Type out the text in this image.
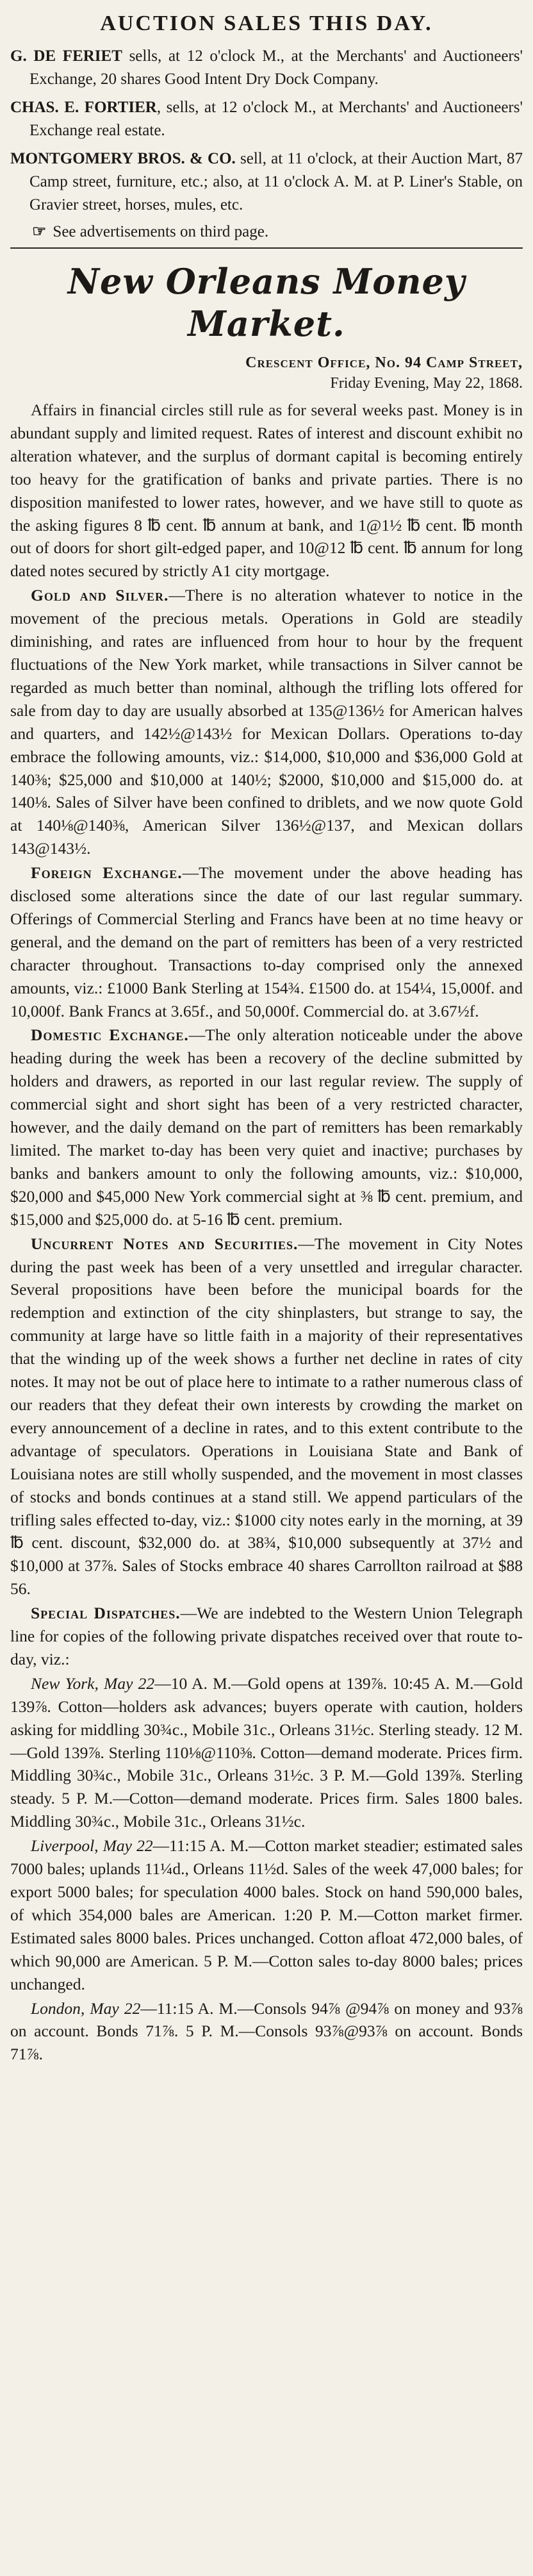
AUCTION SALES THIS DAY.
G. DE FERIET sells, at 12 o'clock M., at the Merchants' and Auctioneers' Exchange, 20 shares Good Intent Dry Dock Company.
CHAS. E. FORTIER, sells, at 12 o'clock M., at Merchants' and Auctioneers' Exchange real estate.
MONTGOMERY BROS. & CO. sell, at 11 o'clock, at their Auction Mart, 87 Camp street, furniture, etc.; also, at 11 o'clock A. M. at P. Liner's Stable, on Gravier street, horses, mules, etc.
☞ See advertisements on third page.
New Orleans Money Market.
Crescent Office, No. 94 Camp Street,
Friday Evening, May 22, 1868.

Affairs in financial circles still rule as for several weeks past. Money is in abundant supply and limited request. Rates of interest and discount exhibit no alteration whatever, and the surplus of dormant capital is becoming entirely too heavy for the gratification of banks and private parties. There is no disposition manifested to lower rates, however, and we have still to quote as the asking figures 8 ℔ cent. ℔ annum at bank, and 1@1½ ℔ cent. ℔ month out of doors for short gilt-edged paper, and 10@12 ℔ cent. ℔ annum for long dated notes secured by strictly A1 city mortgage.

Gold and Silver.—There is no alteration whatever to notice in the movement of the precious metals. Operations in Gold are steadily diminishing, and rates are influenced from hour to hour by the frequent fluctuations of the New York market, while transactions in Silver cannot be regarded as much better than nominal, although the trifling lots offered for sale from day to day are usually absorbed at 135@136½ for American halves and quarters, and 142½@143½ for Mexican Dollars. Operations to-day embrace the following amounts, viz.: $14,000, $10,000 and $36,000 Gold at 140⅜; $25,000 and $10,000 at 140½; $2000, $10,000 and $15,000 do. at 140⅛. Sales of Silver have been confined to driblets, and we now quote Gold at 140⅛@140⅜, American Silver 136½@137, and Mexican dollars 143@143½.

Foreign Exchange.—The movement under the above heading has disclosed some alterations since the date of our last regular summary. Offerings of Commercial Sterling and Francs have been at no time heavy or general, and the demand on the part of remitters has been of a very restricted character throughout. Transactions to-day comprised only the annexed amounts, viz.: £1000 Bank Sterling at 154¾. £1500 do. at 154¼, 15,000f. and 10,000f. Bank Francs at 3.65f., and 50,000f. Commercial do. at 3.67½f.

Domestic Exchange.—The only alteration noticeable under the above heading during the week has been a recovery of the decline submitted by holders and drawers, as reported in our last regular review. The supply of commercial sight and short sight has been of a very restricted character, however, and the daily demand on the part of remitters has been remarkably limited. The market to-day has been very quiet and inactive; purchases by banks and bankers amount to only the following amounts, viz.: $10,000, $20,000 and $45,000 New York commercial sight at ⅜ ℔ cent. premium, and $15,000 and $25,000 do. at 5-16 ℔ cent. premium.

Uncurrent Notes and Securities.—The movement in City Notes during the past week has been of a very unsettled and irregular character. Several propositions have been before the municipal boards for the redemption and extinction of the city shinplasters, but strange to say, the community at large have so little faith in a majority of their representatives that the winding up of the week shows a further net decline in rates of city notes. It may not be out of place here to intimate to a rather numerous class of our readers that they defeat their own interests by crowding the market on every announcement of a decline in rates, and to this extent contribute to the advantage of speculators. Operations in Louisiana State and Bank of Louisiana notes are still wholly suspended, and the movement in most classes of stocks and bonds continues at a stand still. We append particulars of the trifling sales effected to-day, viz.: $1000 city notes early in the morning, at 39 ℔ cent. discount, $32,000 do. at 38¾, $10,000 subsequently at 37½ and $10,000 at 37⅞. Sales of Stocks embrace 40 shares Carrollton railroad at $88 56.

Special Dispatches.—We are indebted to the Western Union Telegraph line for copies of the following private dispatches received over that route to-day, viz.:

New York, May 22—10 A. M.—Gold opens at 139⅞. 10:45 A. M.—Gold 139⅞. Cotton—holders ask advances; buyers operate with caution, holders asking for middling 30¾c., Mobile 31c., Orleans 31½c. Sterling steady. 12 M.—Gold 139⅞. Sterling 110⅛@110⅜. Cotton—demand moderate. Prices firm. Middling 30¾c., Mobile 31c., Orleans 31½c. 3 P. M.—Gold 139⅞. Sterling steady. 5 P. M.—Cotton—demand moderate. Prices firm. Sales 1800 bales. Middling 30¾c., Mobile 31c., Orleans 31½c.

Liverpool, May 22—11:15 A. M.—Cotton market steadier; estimated sales 7000 bales; uplands 11¼d., Orleans 11½d. Sales of the week 47,000 bales; for export 5000 bales; for speculation 4000 bales. Stock on hand 590,000 bales, of which 354,000 bales are American. 1:20 P. M.—Cotton market firmer. Estimated sales 8000 bales. Prices unchanged. Cotton afloat 472,000 bales, of which 90,000 are American. 5 P. M.—Cotton sales to-day 8000 bales; prices unchanged.

London, May 22—11:15 A. M.—Consols 94⅞ @94⅞ on money and 93⅞ on account. Bonds 71⅞. 5 P. M.—Consols 93⅞@93⅞ on account. Bonds 71⅞.
